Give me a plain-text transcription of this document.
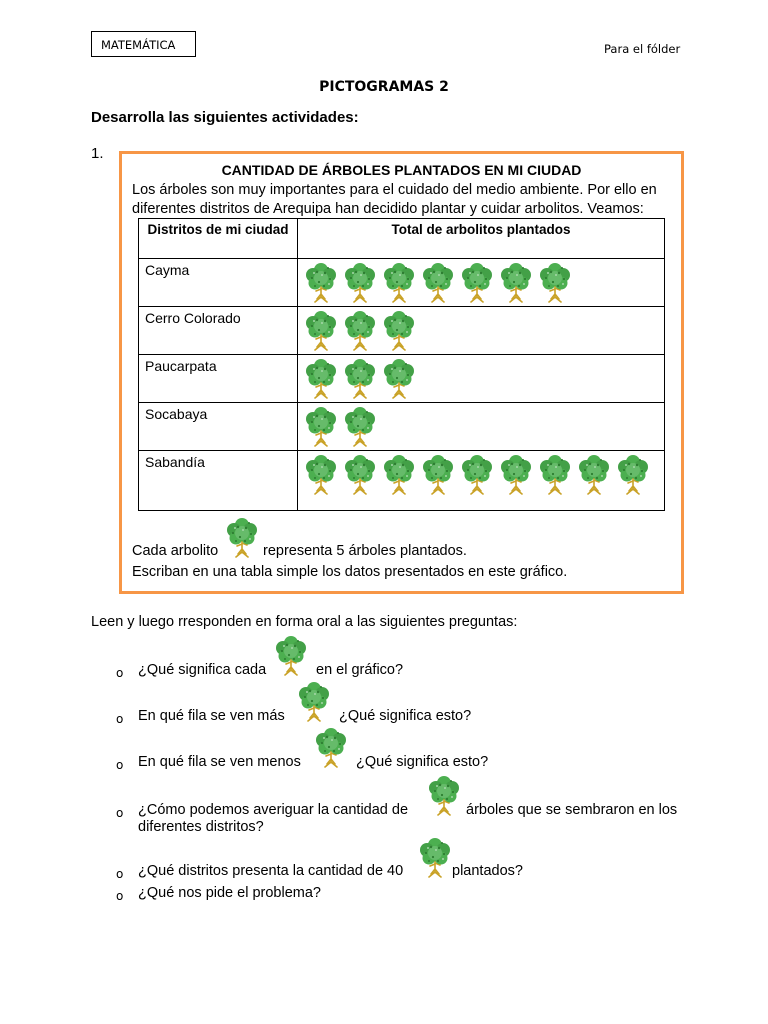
MATEMÁTICA	Para el fólder
PICTOGRAMAS 2
Desarrolla las siguientes actividades:
1.
CANTIDAD DE ÁRBOLES PLANTADOS EN MI CIUDAD
Los árboles son muy importantes para el cuidado del medio ambiente. Por ello en diferentes distritos de Arequipa han decidido plantar y cuidar arbolitos. Veamos:
Distritos de mi ciudad	Total de arbolitos plantados

Cayma

Cerro Colorado

Paucarpata

Socabaya

Sabandía

Cada arbolito	representa 5 árboles plantados.
Escriban en una tabla simple los datos presentados en este gráfico.
Leen y luego rresponden en forma oral a las siguientes preguntas:
o ¿Qué significa cada	en el gráfico?
o En qué fila se ven más	¿Qué significa esto?
o En qué fila se ven menos	¿Qué significa esto?
o ¿Cómo podemos averiguar la cantidad de	árboles que se sembraron en los
diferentes distritos?
o ¿Qué distritos presenta la cantidad de 40	plantados?
o ¿Qué nos pide el problema?
